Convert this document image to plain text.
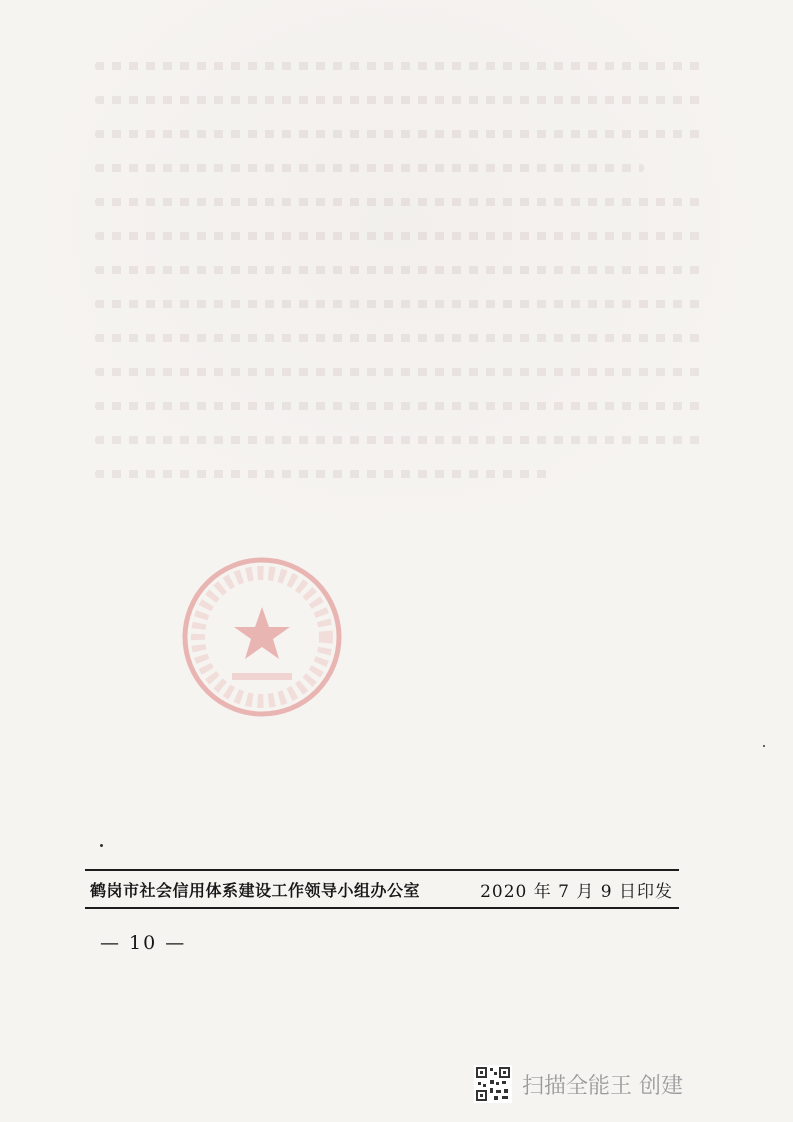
鹤岗市社会信用体系建设工作领导小组办公室	2020 年 7 月 9 日印发
— 10 —
扫描全能王 创建
